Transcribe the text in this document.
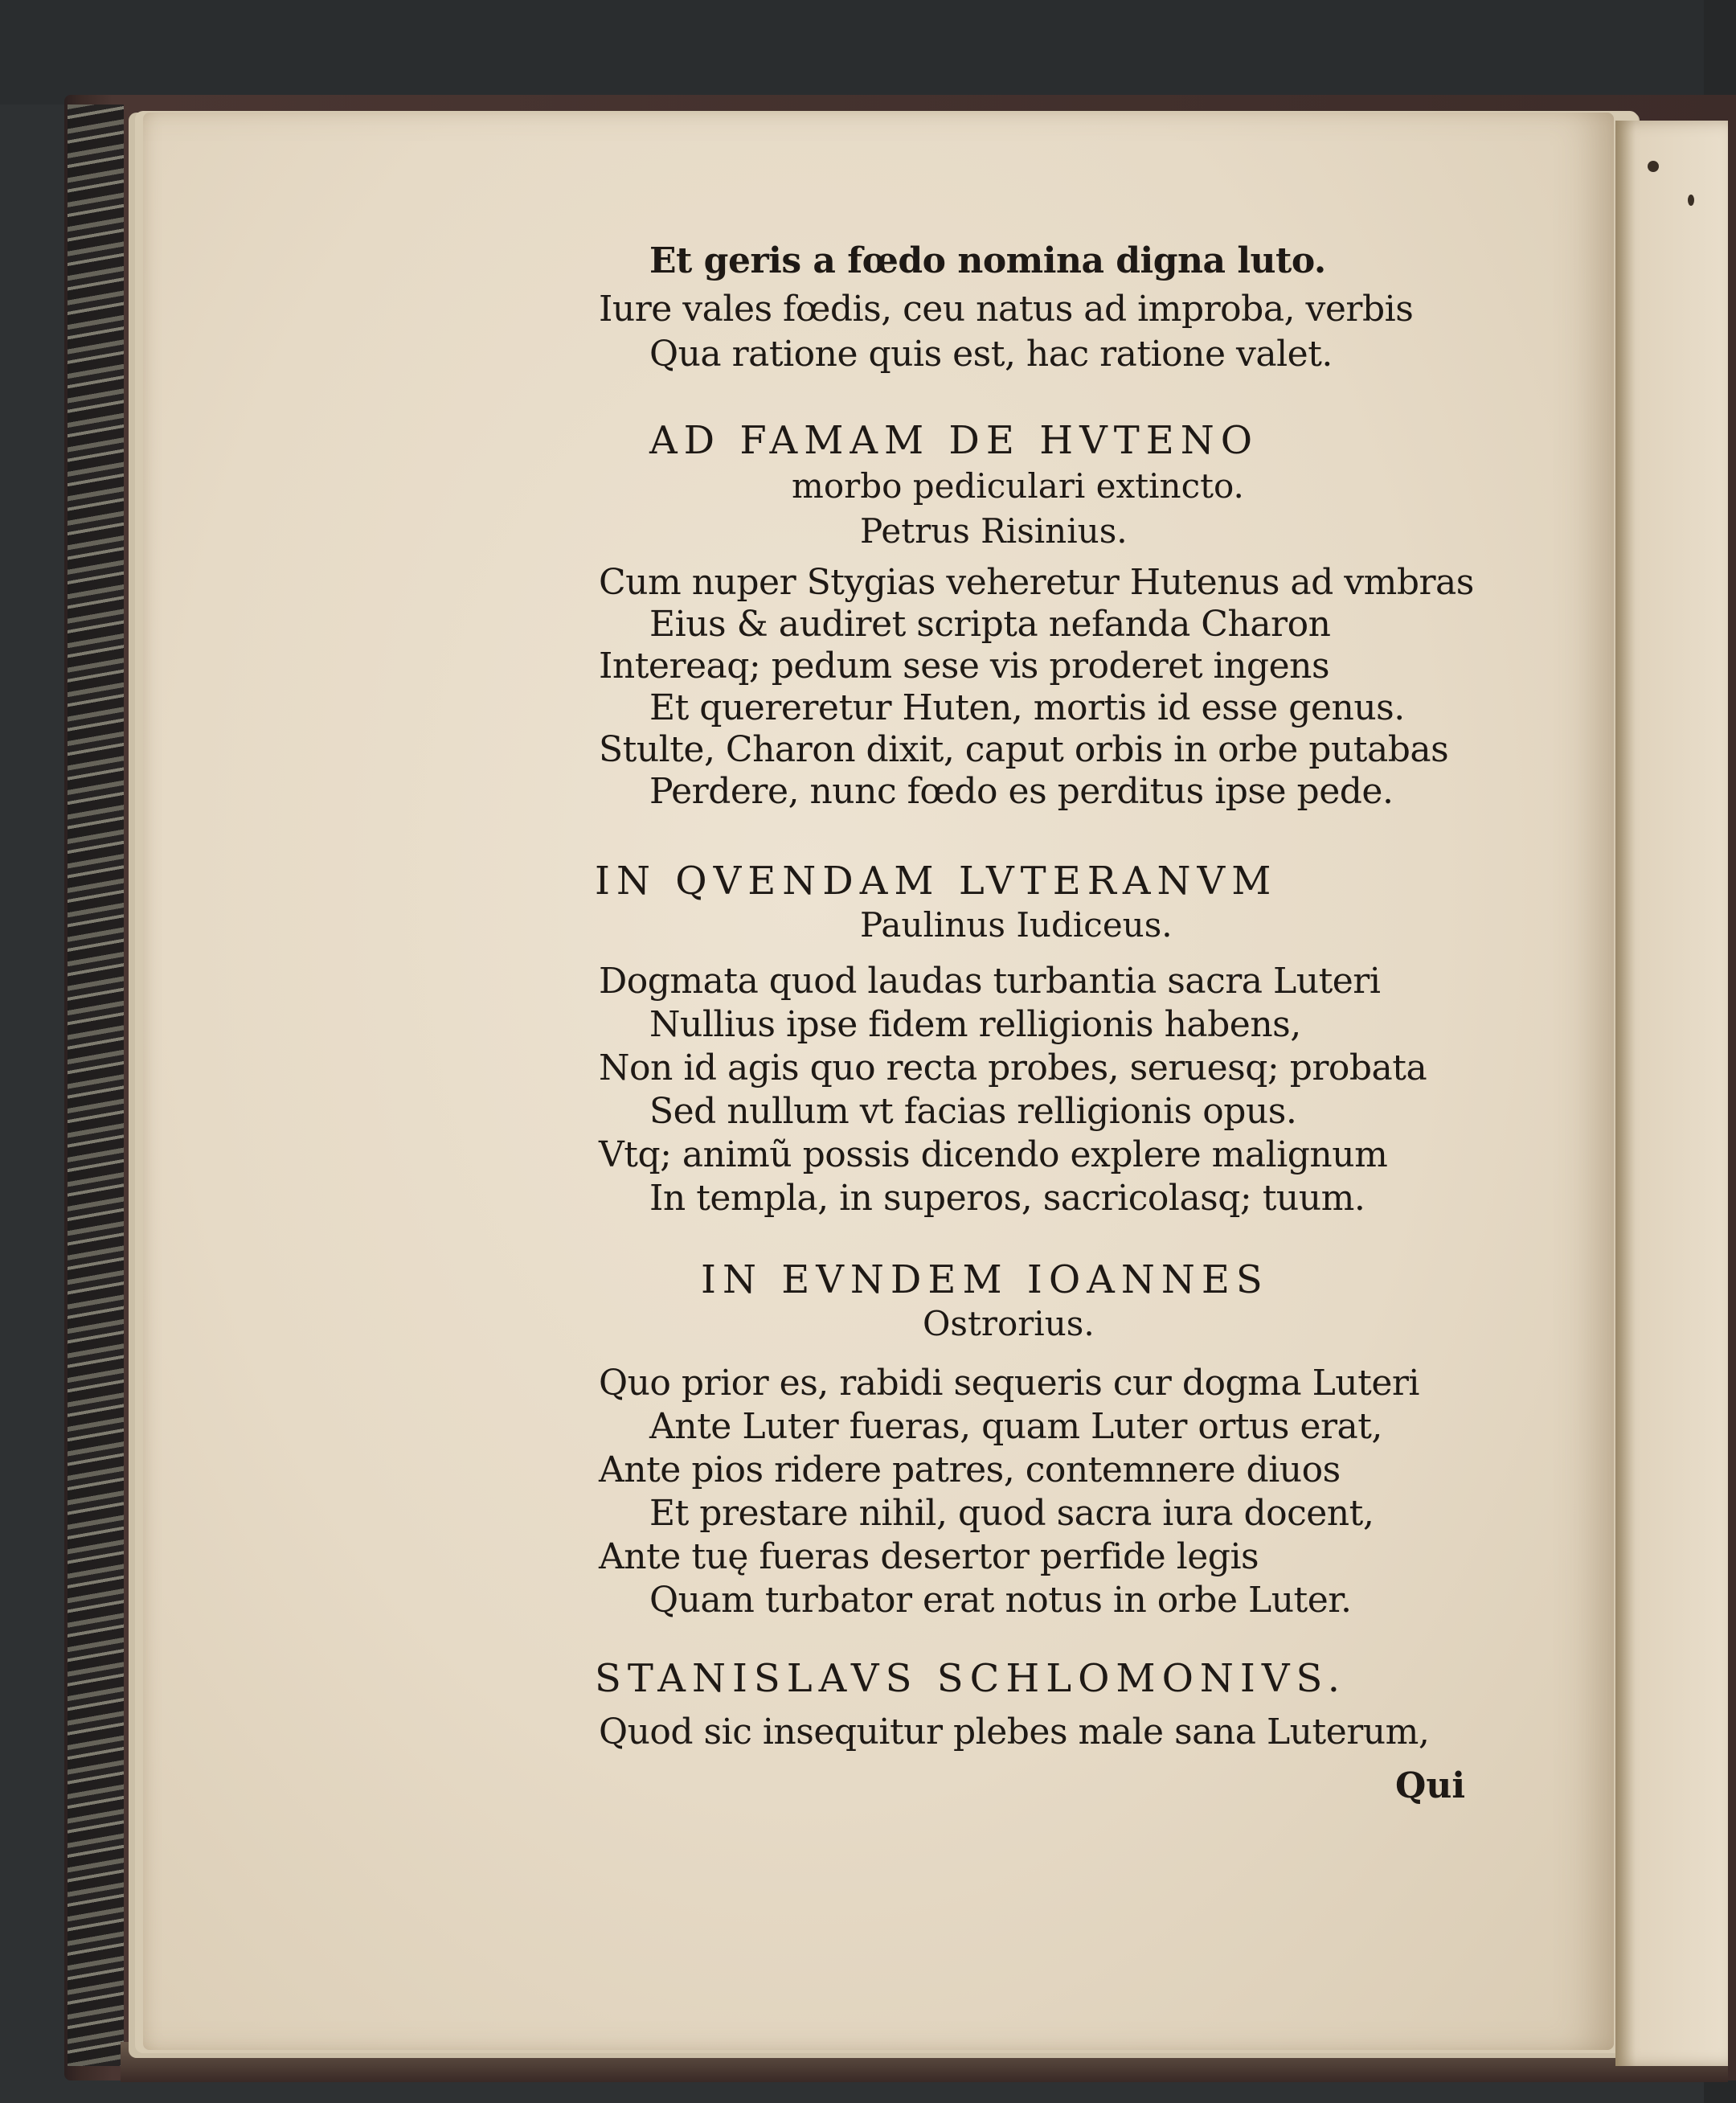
Et geris a fœdo nomina digna luto.
Iure vales fœdis, ceu natus ad improba, verbis
Qua ratione quis est, hac ratione valet.
AD FAMAM DE HVTENO
morbo pediculari extincto.
Petrus Risinius.
Cum nuper Stygias veheretur Hutenus ad vmbras
Eius & audiret scripta nefanda Charon
Intereaq; pedum sese vis proderet ingens
Et quereretur Huten, mortis id esse genus.
Stulte, Charon dixit, caput orbis in orbe putabas
Perdere, nunc fœdo es perditus ipse pede.
IN QVENDAM LVTERANVM
Paulinus Iudiceus.
Dogmata quod laudas turbantia sacra Luteri
Nullius ipse fidem relligionis habens,
Non id agis quo recta probes, seruesq; probata
Sed nullum vt facias relligionis opus.
Vtq; animũ possis dicendo explere malignum
In templa, in superos, sacricolasq; tuum.
IN EVNDEM IOANNES
Ostrorius.
Quo prior es, rabidi sequeris cur dogma Luteri
Ante Luter fueras, quam Luter ortus erat,
Ante pios ridere patres, contemnere diuos
Et prestare nihil, quod sacra iura docent,
Ante tuę fueras desertor perfide legis
Quam turbator erat notus in orbe Luter.
STANISLAVS SCHLOMONIVS.
Quod sic insequitur plebes male sana Luterum,
Qui
